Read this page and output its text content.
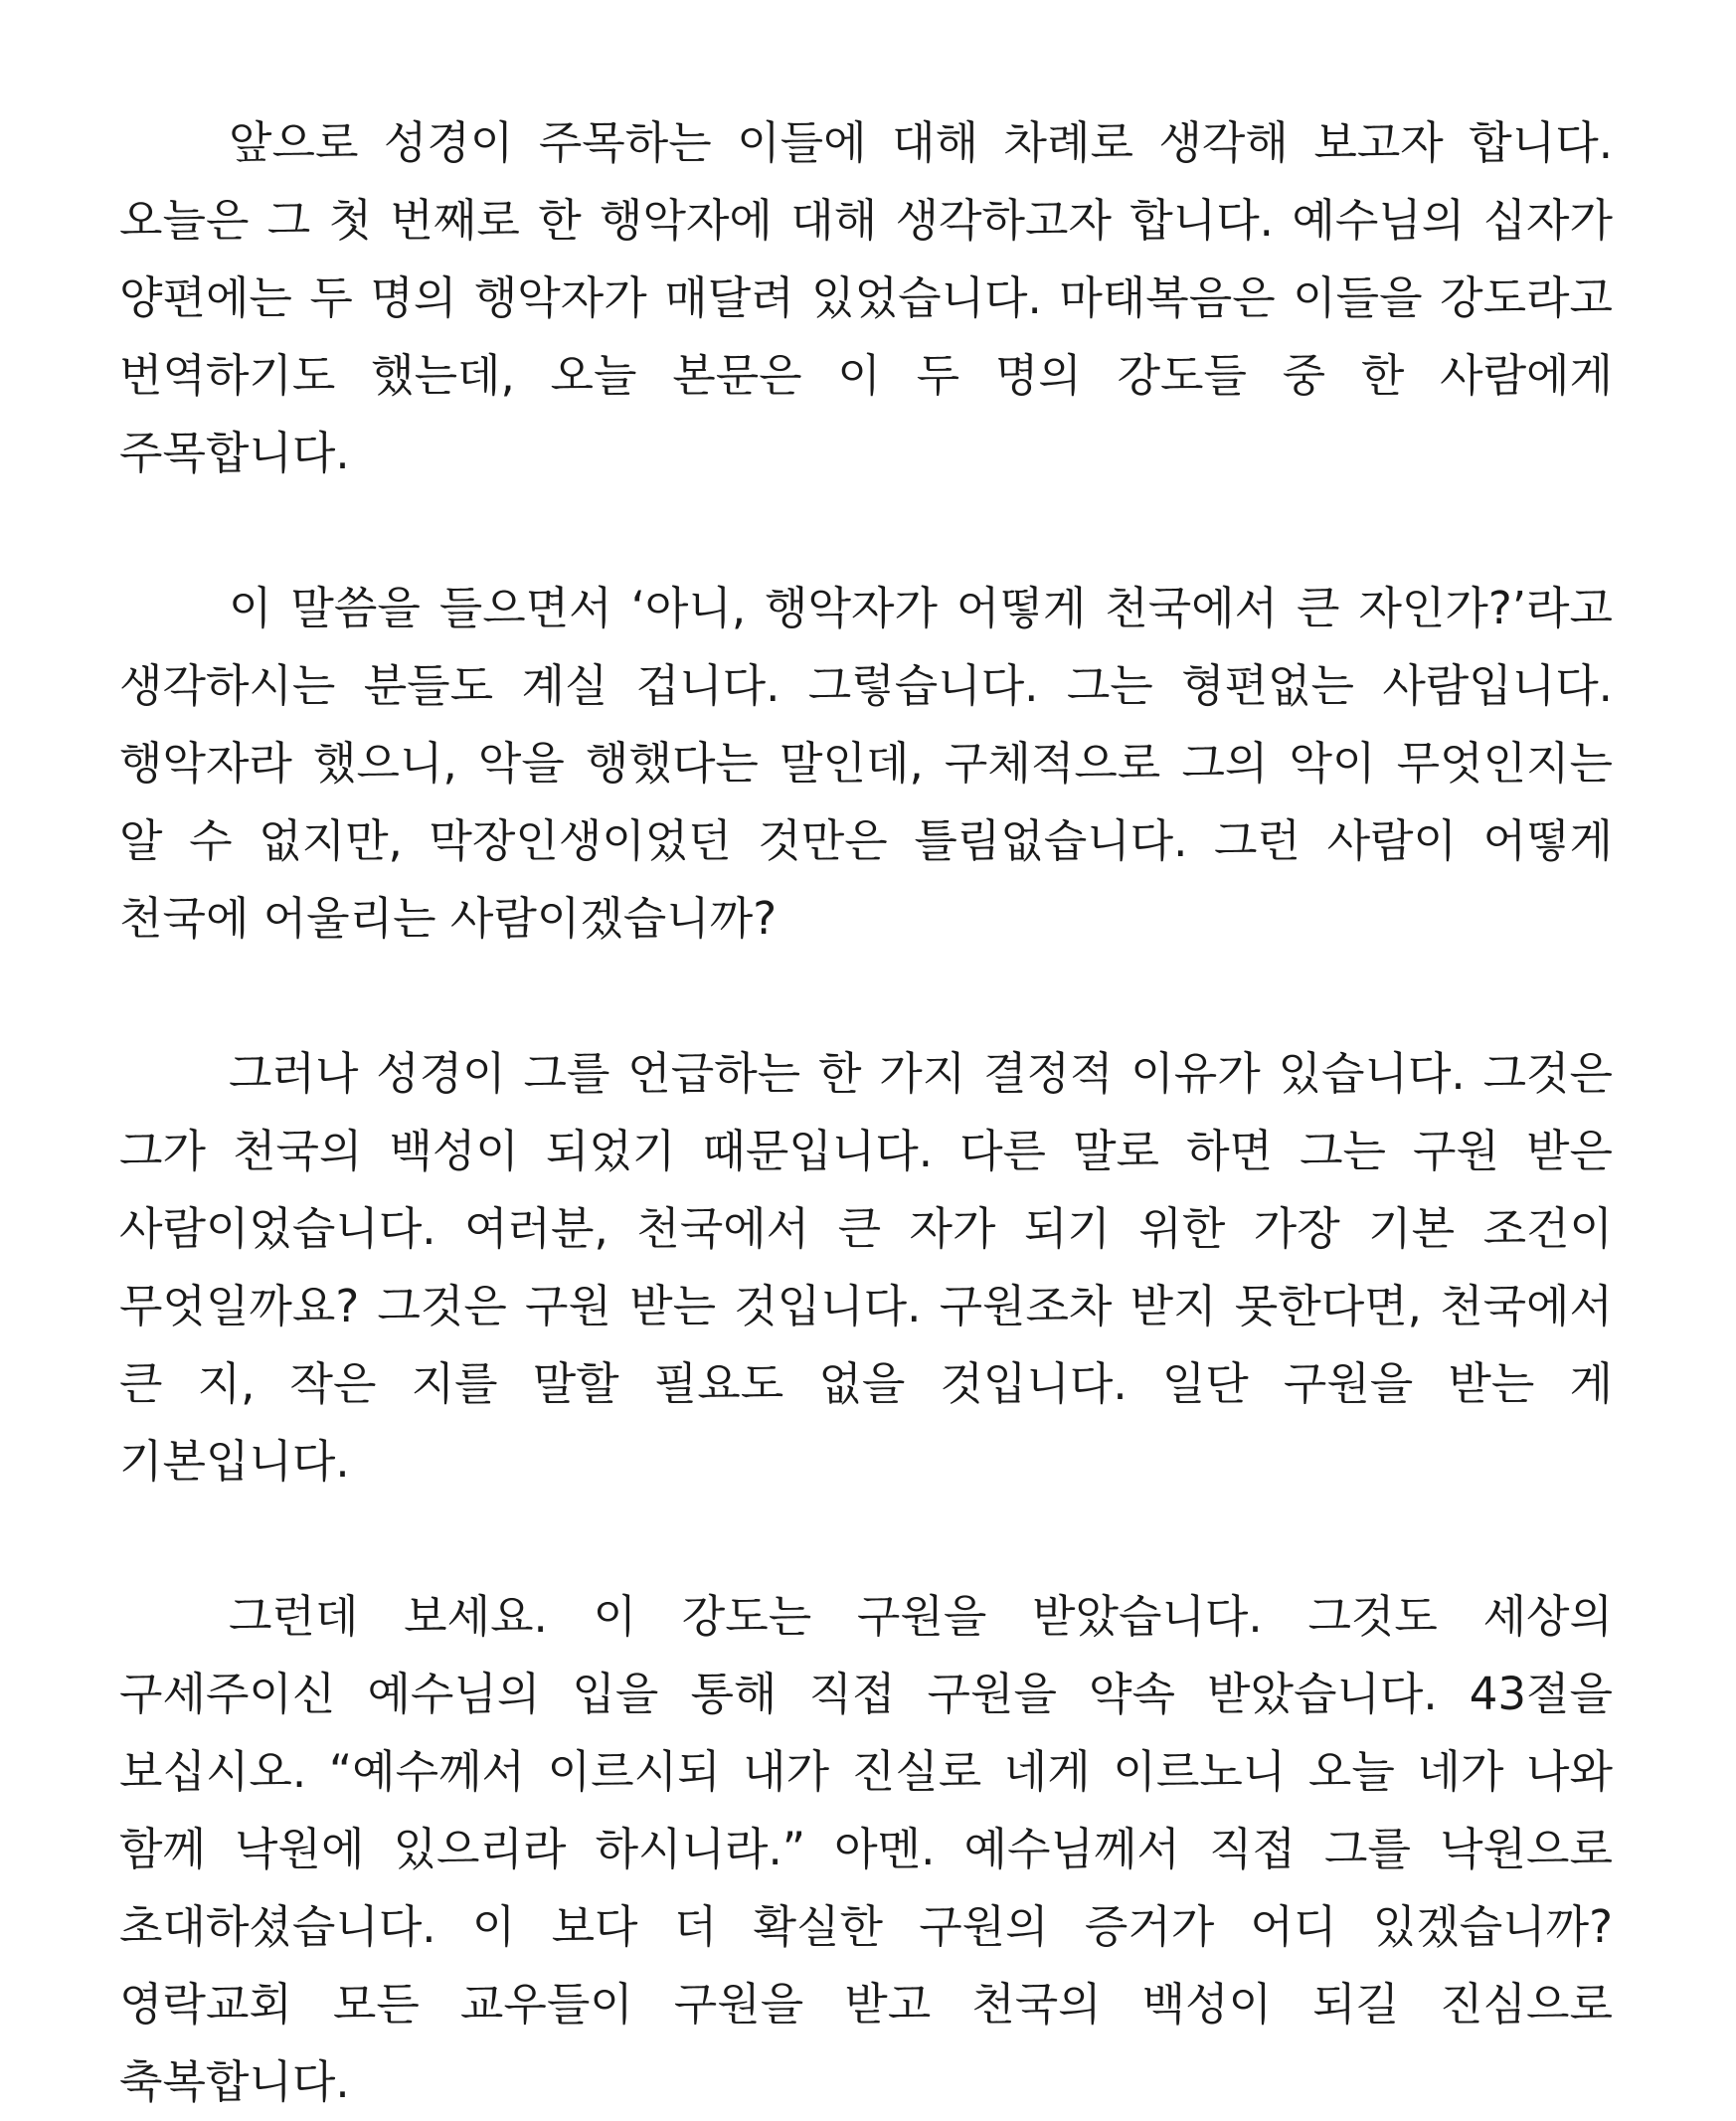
앞으로 성경이 주목하는 이들에 대해 차례로 생각해 보고자 합니다. 오늘은 그 첫 번째로 한 행악자에 대해 생각하고자 합니다. 예수님의 십자가 양편에는 두 명의 행악자가 매달려 있었습니다. 마태복음은 이들을 강도라고 번역하기도 했는데, 오늘 본문은 이 두 명의 강도들 중 한 사람에게 주목합니다.

이 말씀을 들으면서 ‘아니, 행악자가 어떻게 천국에서 큰 자인가?’라고 생각하시는 분들도 계실 겁니다. 그렇습니다. 그는 형편없는 사람입니다. 행악자라 했으니, 악을 행했다는 말인데, 구체적으로 그의 악이 무엇인지는 알 수 없지만, 막장인생이었던 것만은 틀림없습니다. 그런 사람이 어떻게 천국에 어울리는 사람이겠습니까?

그러나 성경이 그를 언급하는 한 가지 결정적 이유가 있습니다. 그것은 그가 천국의 백성이 되었기 때문입니다. 다른 말로 하면 그는 구원 받은 사람이었습니다. 여러분, 천국에서 큰 자가 되기 위한 가장 기본 조건이 무엇일까요? 그것은 구원 받는 것입니다. 구원조차 받지 못한다면, 천국에서 큰 지, 작은 지를 말할 필요도 없을 것입니다. 일단 구원을 받는 게 기본입니다.

그런데 보세요. 이 강도는 구원을 받았습니다. 그것도 세상의 구세주이신 예수님의 입을 통해 직접 구원을 약속 받았습니다. 43절을 보십시오. “예수께서 이르시되 내가 진실로 네게 이르노니 오늘 네가 나와 함께 낙원에 있으리라 하시니라.” 아멘. 예수님께서 직접 그를 낙원으로 초대하셨습니다. 이 보다 더 확실한 구원의 증거가 어디 있겠습니까? 영락교회 모든 교우들이 구원을 받고 천국의 백성이 되길 진심으로 축복합니다.
